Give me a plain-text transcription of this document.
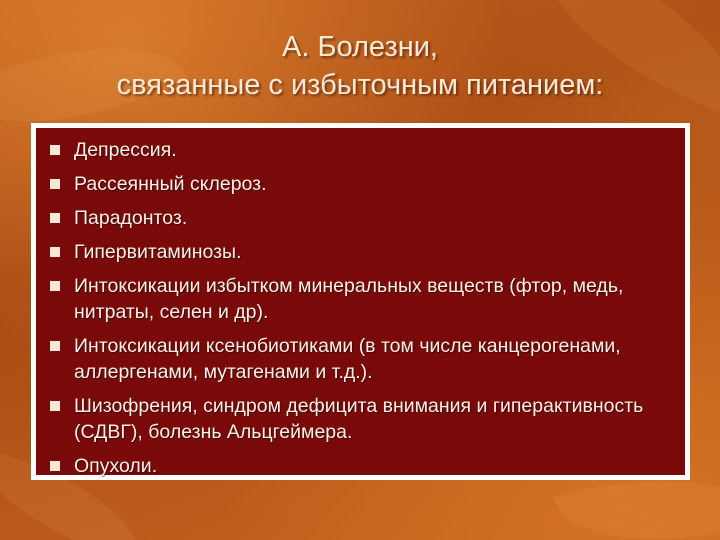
А. Болезни,
связанные с избыточным питанием:
Депрессия.
Рассеянный склероз.
Парадонтоз.
Гипервитаминозы.
Интоксикации избытком минеральных веществ (фтор, медь, нитраты, селен и др).
Интоксикации ксенобиотиками (в том числе канцерогенами, аллергенами, мутагенами и т.д.).
Шизофрения, синдром дефицита внимания и гиперактивность (СДВГ), болезнь Альцгеймера.
Опухоли.
